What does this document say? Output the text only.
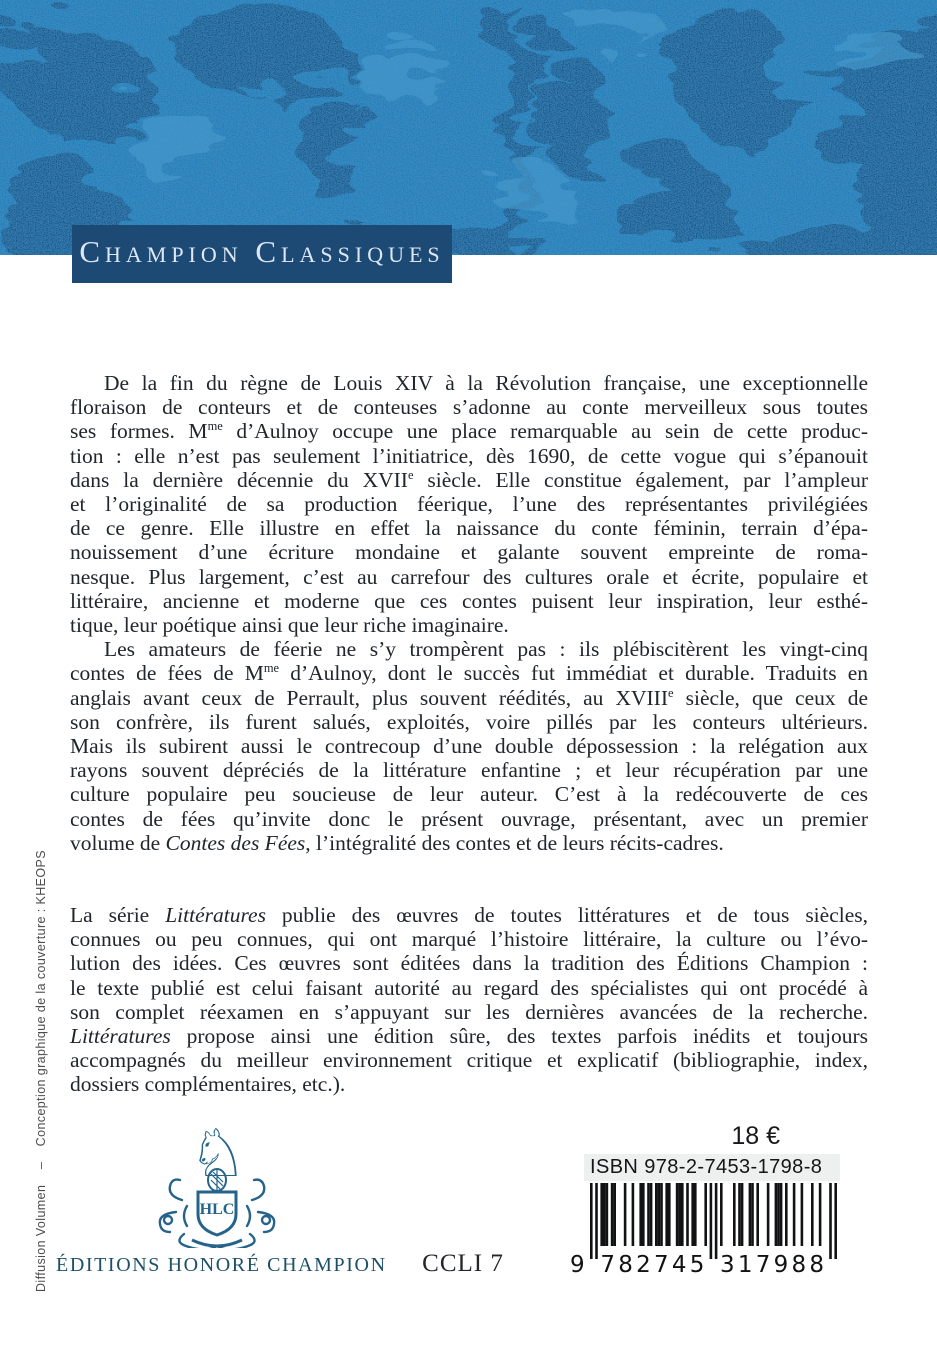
Champion Classiques
De la fin du règne de Louis XIV à la Révolution française, une exceptionnelle
floraison de conteurs et de conteuses s’adonne au conte merveilleux sous toutes
ses formes. $M^{me}$ d’Aulnoy occupe une place remarquable au sein de cette produc-
tion : elle n’est pas seulement l’initiatrice, dès 1690, de cette vogue qui s’épanouit
dans la dernière décennie du XVIIe siècle. Elle constitue également, par l’ampleur
et l’originalité de sa production féerique, l’une des représentantes privilégiées
de ce genre. Elle illustre en effet la naissance du conte féminin, terrain d’épa-
nouissement d’une écriture mondaine et galante souvent empreinte de roma-
nesque. Plus largement, c’est au carrefour des cultures orale et écrite, populaire et
littéraire, ancienne et moderne que ces contes puisent leur inspiration, leur esthé-
tique, leur poétique ainsi que leur riche imaginaire.
Les amateurs de féerie ne s’y trompèrent pas : ils plébiscitèrent les vingt-cinq
contes de fées de $M^{me}$ d’Aulnoy, dont le succès fut immédiat et durable. Traduits en
anglais avant ceux de Perrault, plus souvent réédités, au XVIIIe siècle, que ceux de
son confrère, ils furent salués, exploités, voire pillés par les conteurs ultérieurs.
Mais ils subirent aussi le contrecoup d’une double dépossession : la relégation aux
rayons souvent dépréciés de la littérature enfantine ; et leur récupération par une
culture populaire peu soucieuse de leur auteur. C’est à la redécouverte de ces
contes de fées qu’invite donc le présent ouvrage, présentant, avec un premier
volume de Contes des Fées, l’intégralité des contes et de leurs récits-cadres.
La série Littératures publie des œuvres de toutes littératures et de tous siècles,
connues ou peu connues, qui ont marqué l’histoire littéraire, la culture ou l’évo-
lution des idées. Ces œuvres sont éditées dans la tradition des Éditions Champion :
le texte publié est celui faisant autorité au regard des spécialistes qui ont procédé à
son complet réexamen en s’appuyant sur les dernières avancées de la recherche.
Littératures propose ainsi une édition sûre, des textes parfois inédits et toujours
accompagnés du meilleur environnement critique et explicatif (bibliographie, index,
dossiers complémentaires, etc.).
Diffusion Volumen    –    Conception graphique de la couverture : KHEOPS ♘
HLC
ÉDITIONS HONORÉ CHAMPION	CCLI 7
18 €
ISBN 978-2-7453-1798-8
9 782745 317988
